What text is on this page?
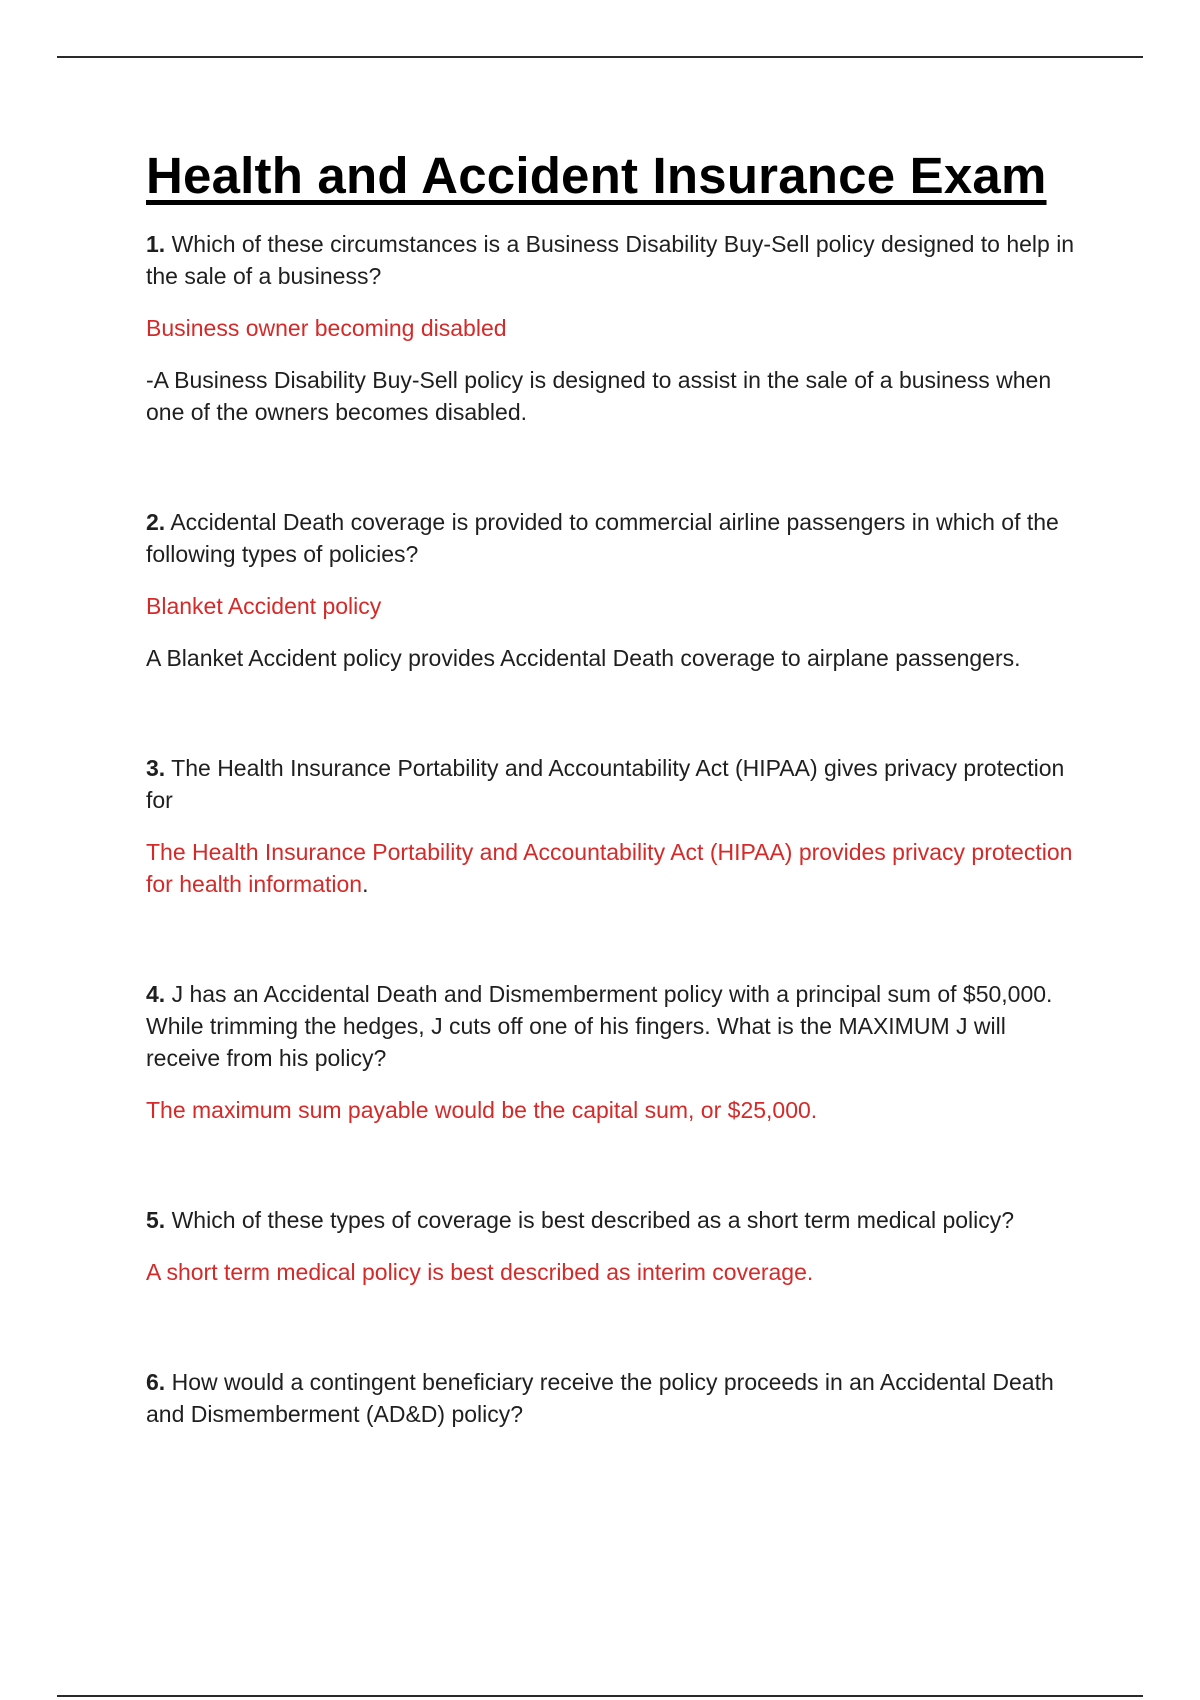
Health and Accident Insurance Exam

1. Which of these circumstances is a Business Disability Buy-Sell policy designed to help in the sale of a business?

Business owner becoming disabled

-A Business Disability Buy-Sell policy is designed to assist in the sale of a business when one of the owners becomes disabled.

2. Accidental Death coverage is provided to commercial airline passengers in which of the following types of policies?

Blanket Accident policy

A Blanket Accident policy provides Accidental Death coverage to airplane passengers.

3. The Health Insurance Portability and Accountability Act (HIPAA) gives privacy protection for

The Health Insurance Portability and Accountability Act (HIPAA) provides privacy protection for health information.

4. J has an Accidental Death and Dismemberment policy with a principal sum of $50,000. While trimming the hedges, J cuts off one of his fingers. What is the MAXIMUM J will receive from his policy?

The maximum sum payable would be the capital sum, or $25,000.

5. Which of these types of coverage is best described as a short term medical policy?

A short term medical policy is best described as interim coverage.

6. How would a contingent beneficiary receive the policy proceeds in an Accidental Death and Dismemberment (AD&D) policy?
